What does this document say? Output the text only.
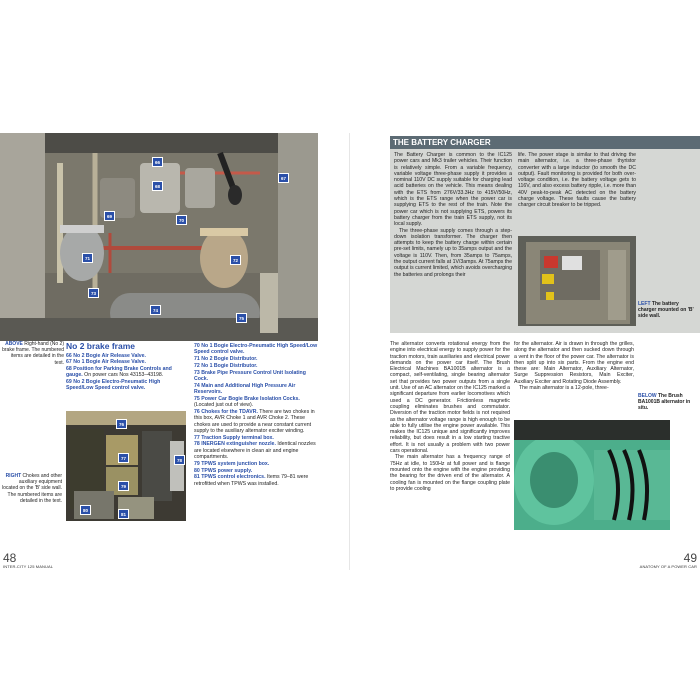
66
67
68
69
70
71	72
73
74
75
ABOVE Right-hand (No 2) brake frame. The numbered items are detailed in the text.
No 2 brake frame
66 No 2 Bogie Air Release Valve.
67 No 1 Bogie Air Release Valve.
68 Position for Parking Brake Controls and gauge. On power cars Nos 43153–43198.
69 No 2 Bogie Electro-Pneumatic High Speed/Low Speed control valve.
70 No 1 Bogie Electro-Pneumatic High Speed/Low Speed control valve.
71 No 2 Bogie Distributor.
72 No 1 Bogie Distributor.
73 Brake Pipe Pressure Control Unit Isolating Cock.
74 Main and Additional High Pressure Air Reservoirs.
75 Power Car Bogie Brake Isolation Cocks. (Located just out of view).
76 Chokes for the TDAVR. There are two chokes in this box, AVR Choke 1 and AVR Choke 2. These chokes are used to provide a near constant current supply to the auxiliary alternator exciter winding.
77 Traction Supply terminal box.
78 INERGEN extinguisher nozzle. Identical nozzles are located elsewhere in clean air and engine compartments.
79 TPWS system junction box.
80 TPWS power supply.
81 TPWS control electronics. Items 79–81 were retrofitted when TPWS was installed.
76
77	78
79
80
81
RIGHT Chokes and other auxiliary equipment located on the 'B' side wall. The numbered items are detailed in the text.
48
INTER-CITY 125 MANUAL
THE BATTERY CHARGER
The Battery Charger is common to the IC125 power cars and Mk3 trailer vehicles. Their function is relatively simple. From a variable frequency, variable voltage three-phase supply it provides a nominal 110V DC supply suitable for charging lead acid batteries on the vehicle. This means dealing with the ETS from 276V/33.3Hz to 415V/50Hz, which is the ETS range when the power car is supplying ETS to the rest of the train. Note the power car which is not supplying ETS, powers its battery charger from the train ETS supply, not its local supply.
The three-phase supply comes through a step-down isolation transformer. The charger then attempts to keep the battery charge within certain pre-set limits, namely up to 35amps output and the voltage is 110V. Then, from 35amps to 75amps, the output current falls at 1V/3amps. At 75amps the output is current limited, which avoids overcharging the batteries and prolongs their
life. The power stage is similar to that driving the main alternator, i.e. a three-phase thyristor converter with a large inductor (to smooth the DC output). Fault monitoring is provided for both over-voltage condition, i.e. the battery voltage gets to 116V, and also excess battery ripple, i.e. more than 40V peak-to-peak AC detected on the battery charge voltage. These faults cause the battery charger circuit breaker to be tripped.
LEFT The battery charger mounted on 'B' side wall.
The alternator converts rotational energy from the engine into electrical energy to supply power for the traction motors, train auxiliaries and electrical power demands on the power car itself. The Brush Electrical Machines BA1001B alternator is a compact, self-ventilating, single bearing alternator set that provides two power outputs from a single unit. Use of an AC alternator on the IC125 marked a significant departure from earlier locomotives which used a DC generator. Frictionless magnetic coupling eliminates brushes and commutator. Diversion of the traction motor fields is not required as the alternator voltage range is high enough to be able to fully utilise the engine power available. This makes the IC125 unique and significantly improves reliability, but does result in a low starting tractive effort. It is not usually a problem with two power cars operational.
The main alternator has a frequency range of 75Hz at idle, to 150Hz at full power and is flange mounted onto the engine with the engine providing the bearing for the driven end of the alternator. A cooling fan is mounted on the flange coupling plate to provide cooling
for the alternator. Air is drawn in through the grilles, along the alternator and then sucked down through a vent in the floor of the power car. The alternator is then split up into six parts. From the engine end these are: Main Alternator, Auxiliary Alternator, Surge Suppression Resistors, Main Exciter, Auxiliary Exciter and Rotating Diode Assembly.
The main alternator is a 12-pole, three-
BELOW The Brush BA1001B alternator in situ.
49
ANATOMY OF A POWER CAR
